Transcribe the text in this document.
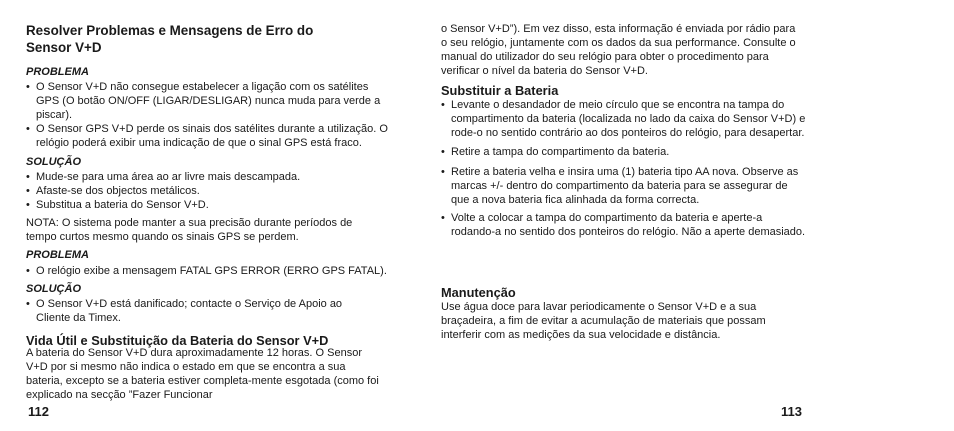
Resolver Problemas e Mensagens de Erro do Sensor V+D
PROBLEMA
• O Sensor V+D não consegue estabelecer a ligação com os satélites GPS (O botão ON/OFF (LIGAR/DESLIGAR) nunca muda para verde a piscar).
• O Sensor GPS V+D perde os sinais dos satélites durante a utilização. O relógio poderá exibir uma indicação de que o sinal GPS está fraco.
SOLUÇÃO
• Mude-se para uma área ao ar livre mais descampada.
• Afaste-se dos objectos metálicos.
• Substitua a bateria do Sensor V+D.

NOTA: O sistema pode manter a sua precisão durante períodos de tempo curtos mesmo quando os sinais GPS se perdem.

PROBLEMA
• O relógio exibe a mensagem FATAL GPS ERROR (ERRO GPS FATAL).
SOLUÇÃO
• O Sensor V+D está danificado; contacte o Serviço de Apoio ao Cliente da Timex.
Vida Útil e Substituição da Bateria do Sensor V+D

A bateria do Sensor V+D dura aproximadamente 12 horas. O Sensor V+D por si mesmo não indica o estado em que se encontra a sua bateria, excepto se a bateria estiver completa-mente esgotada (como foi explicado na secção ”Fazer Funcionar

112

o Sensor V+D”). Em vez disso, esta informação é enviada por rádio para o seu relógio, juntamente com os dados da sua performance. Consulte o manual do utilizador do seu relógio para obter o procedimento para verificar o nível da bateria do Sensor V+D.

Substituir a Bateria
• Levante o desandador de meio círculo que se encontra na tampa do compartimento da bateria (localizada no lado da caixa do Sensor V+D) e rode-o no sentido contrário ao dos ponteiros do relógio, para desapertar.
• Retire a tampa do compartimento da bateria.
• Retire a bateria velha e insira uma (1) bateria tipo AA nova. Observe as marcas +/- dentro do compartimento da bateria para se assegurar de que a nova bateria fica alinhada da forma correcta.
• Volte a colocar a tampa do compartimento da bateria e aperte-a rodando-a no sentido dos ponteiros do relógio. Não a aperte demasiado.
Manutenção

Use água doce para lavar periodicamente o Sensor V+D e a sua braçadeira, a fim de evitar a acumulação de materiais que possam interferir com as medições da sua velocidade e distância.

113
